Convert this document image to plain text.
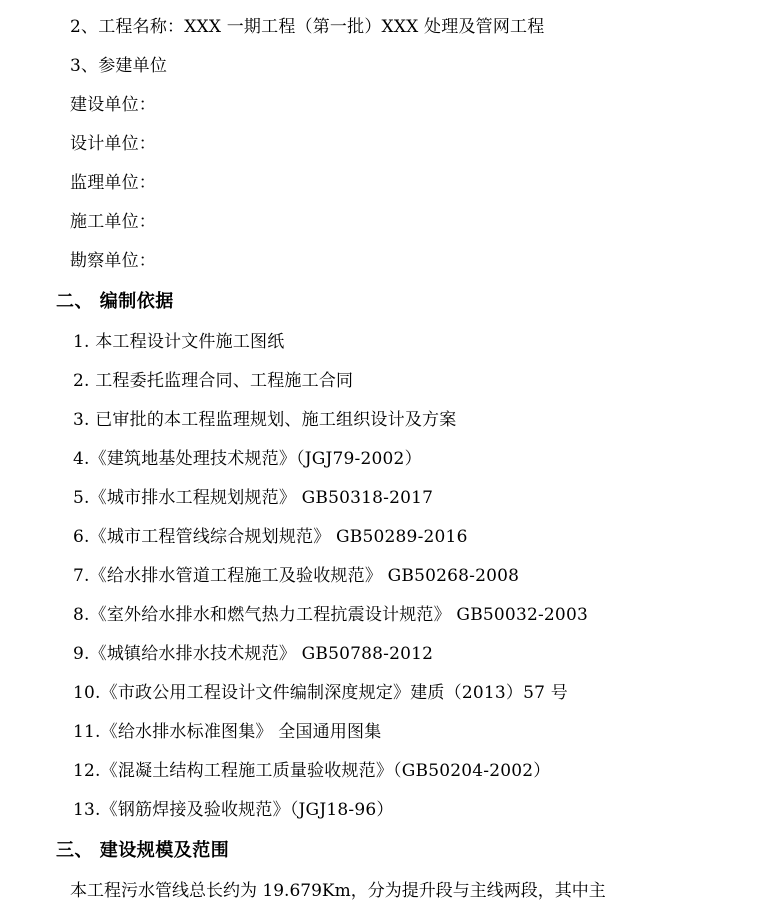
2、工程名称：XXX 一期工程（第一批）XXX 处理及管网工程
3、参建单位
建设单位：
设计单位：
监理单位：
施工单位：
勘察单位：
二、 编制依据
1. 本工程设计文件施工图纸
2. 工程委托监理合同、工程施工合同
3. 已审批的本工程监理规划、施工组织设计及方案
4.《建筑地基处理技术规范》（JGJ79-2002）
5.《城市排水工程规划规范》 GB50318-2017
6.《城市工程管线综合规划规范》 GB50289-2016
7.《给水排水管道工程施工及验收规范》 GB50268-2008
8.《室外给水排水和燃气热力工程抗震设计规范》 GB50032-2003
9.《城镇给水排水技术规范》 GB50788-2012
10.《市政公用工程设计文件编制深度规定》建质（2013）57 号
11.《给水排水标准图集》 全国通用图集
12.《混凝土结构工程施工质量验收规范》（GB50204-2002）
13.《钢筋焊接及验收规范》（JGJ18-96）
三、 建设规模及范围
本工程污水管线总长约为 19.679Km，分为提升段与主线两段，其中主
